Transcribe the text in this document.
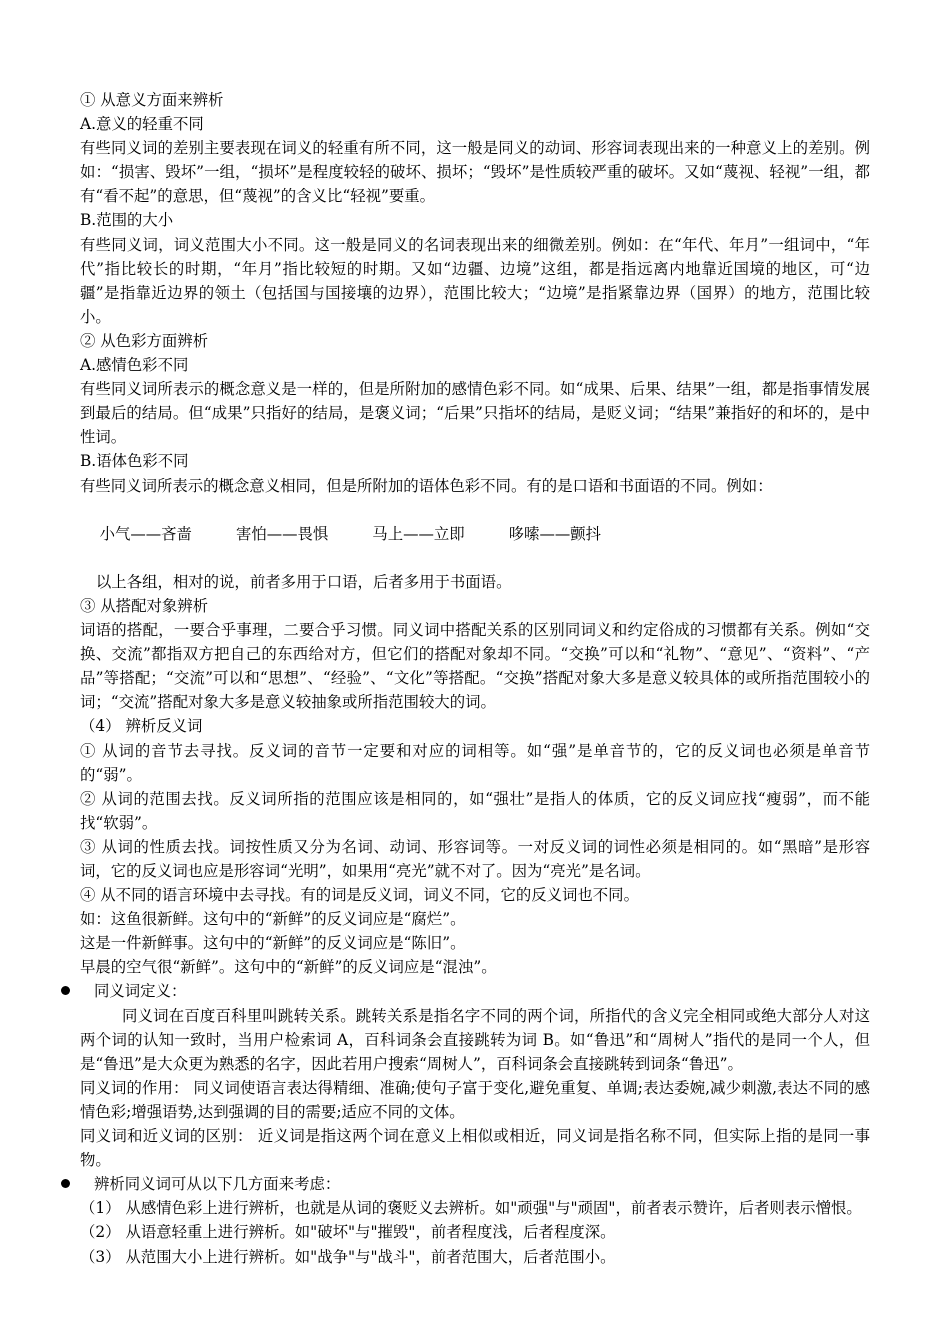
① 从意义方面来辨析

A.意义的轻重不同

有些同义词的差别主要表现在词义的轻重有所不同，这一般是同义的动词、形容词表现出来的一种意义上的差别。例如：“损害、毁坏”一组，“损坏”是程度较轻的破坏、损坏；“毁坏”是性质较严重的破坏。又如“蔑视、轻视”一组，都有“看不起”的意思，但“蔑视”的含义比“轻视”要重。

B.范围的大小

有些同义词，词义范围大小不同。这一般是同义的名词表现出来的细微差别。例如：在“年代、年月”一组词中，“年代”指比较长的时期，“年月”指比较短的时期。又如“边疆、边境”这组，都是指远离内地靠近国境的地区，可“边疆”是指靠近边界的领土（包括国与国接壤的边界），范围比较大；“边境”是指紧靠边界（国界）的地方，范围比较小。

② 从色彩方面辨析

A.感情色彩不同

有些同义词所表示的概念意义是一样的，但是所附加的感情色彩不同。如“成果、后果、结果”一组，都是指事情发展到最后的结局。但“成果”只指好的结局，是褒义词；“后果”只指坏的结局，是贬义词；“结果”兼指好的和坏的，是中性词。

B.语体色彩不同

有些同义词所表示的概念意义相同，但是所附加的语体色彩不同。有的是口语和书面语的不同。例如：

小气——吝啬	害怕——畏惧	马上——立即	哆嗦——颤抖

以上各组，相对的说，前者多用于口语，后者多用于书面语。

③ 从搭配对象辨析

词语的搭配，一要合乎事理，二要合乎习惯。同义词中搭配关系的区别同词义和约定俗成的习惯都有关系。例如“交换、交流”都指双方把自己的东西给对方，但它们的搭配对象却不同。“交换”可以和“礼物”、“意见”、“资料”、“产品”等搭配；“交流”可以和“思想”、“经验”、“文化”等搭配。“交换”搭配对象大多是意义较具体的或所指范围较小的词；“交流”搭配对象大多是意义较抽象或所指范围较大的词。

（4） 辨析反义词

① 从词的音节去寻找。反义词的音节一定要和对应的词相等。如“强”是单音节的，它的反义词也必须是单音节的“弱”。

② 从词的范围去找。反义词所指的范围应该是相同的，如“强壮”是指人的体质，它的反义词应找“瘦弱”，而不能找“软弱”。

③ 从词的性质去找。词按性质又分为名词、动词、形容词等。一对反义词的词性必须是相同的。如“黑暗”是形容词，它的反义词也应是形容词“光明”，如果用“亮光”就不对了。因为“亮光”是名词。

④ 从不同的语言环境中去寻找。有的词是反义词，词义不同，它的反义词也不同。

如：这鱼很新鲜。这句中的“新鲜”的反义词应是“腐烂”。

这是一件新鲜事。这句中的“新鲜”的反义词应是“陈旧”。

早晨的空气很“新鲜”。这句中的“新鲜”的反义词应是“混浊”。

同义词定义：

同义词在百度百科里叫跳转关系。跳转关系是指名字不同的两个词，所指代的含义完全相同或绝大部分人对这两个词的认知一致时，当用户检索词 A，百科词条会直接跳转为词 B。如“鲁迅”和“周树人”指代的是同一个人，但是“鲁迅”是大众更为熟悉的名字，因此若用户搜索“周树人”，百科词条会直接跳转到词条“鲁迅”。

同义词的作用： 同义词使语言表达得精细、准确;使句子富于变化,避免重复、单调;表达委婉,减少刺激,表达不同的感情色彩;增强语势,达到强调的目的需要;适应不同的文体。

同义词和近义词的区别： 近义词是指这两个词在意义上相似或相近，同义词是指名称不同，但实际上指的是同一事物。

辨析同义词可从以下几方面来考虑：

（1） 从感情色彩上进行辨析，也就是从词的褒贬义去辨析。如"顽强"与"顽固"，前者表示赞许，后者则表示憎恨。

（2） 从语意轻重上进行辨析。如"破坏"与"摧毁"，前者程度浅，后者程度深。

（3） 从范围大小上进行辨析。如"战争"与"战斗"，前者范围大，后者范围小。
